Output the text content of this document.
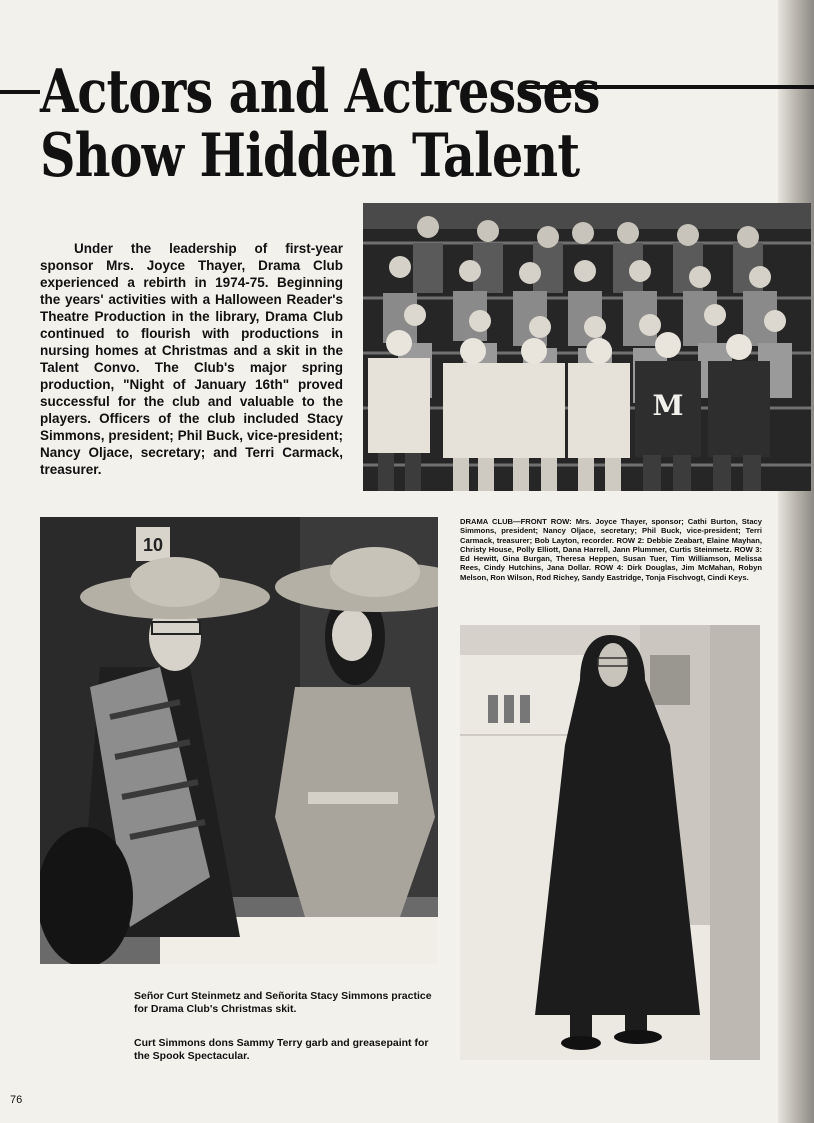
Actors and Actresses
Show Hidden Talent

Under the leadership of first-year sponsor Mrs. Joyce Thayer, Drama Club experienced a rebirth in 1974-75. Beginning the years' activities with a Halloween Reader's Theatre Production in the library, Drama Club continued to flourish with productions in nursing homes at Christmas and a skit in the Talent Convo. The Club's major spring production, "Night of January 16th" proved successful for the club and valuable to the players. Officers of the club included Stacy Simmons, president; Phil Buck, vice-president; Nancy Oljace, secretary; and Terri Carmack, treasurer.

M
10

DRAMA CLUB—FRONT ROW: Mrs. Joyce Thayer, sponsor; Cathi Burton, Stacy Simmons, president; Nancy Oljace, secretary; Phil Buck, vice-president; Terri Carmack, treasurer; Bob Layton, recorder. ROW 2: Debbie Zeabart, Elaine Mayhan, Christy House, Polly Elliott, Dana Harrell, Jann Plummer, Curtis Steinmetz. ROW 3: Ed Hewitt, Gina Burgan, Theresa Heppen, Susan Tuer, Tim Williamson, Melissa Rees, Cindy Hutchins, Jana Dollar. ROW 4: Dirk Douglas, Jim McMahan, Robyn Melson, Ron Wilson, Rod Richey, Sandy Eastridge, Tonja Fischvogt, Cindi Keys.

Señor Curt Steinmetz and Señorita Stacy Simmons practice for Drama Club's Christmas skit.

Curt Simmons dons Sammy Terry garb and greasepaint for the Spook Spectacular.

76
